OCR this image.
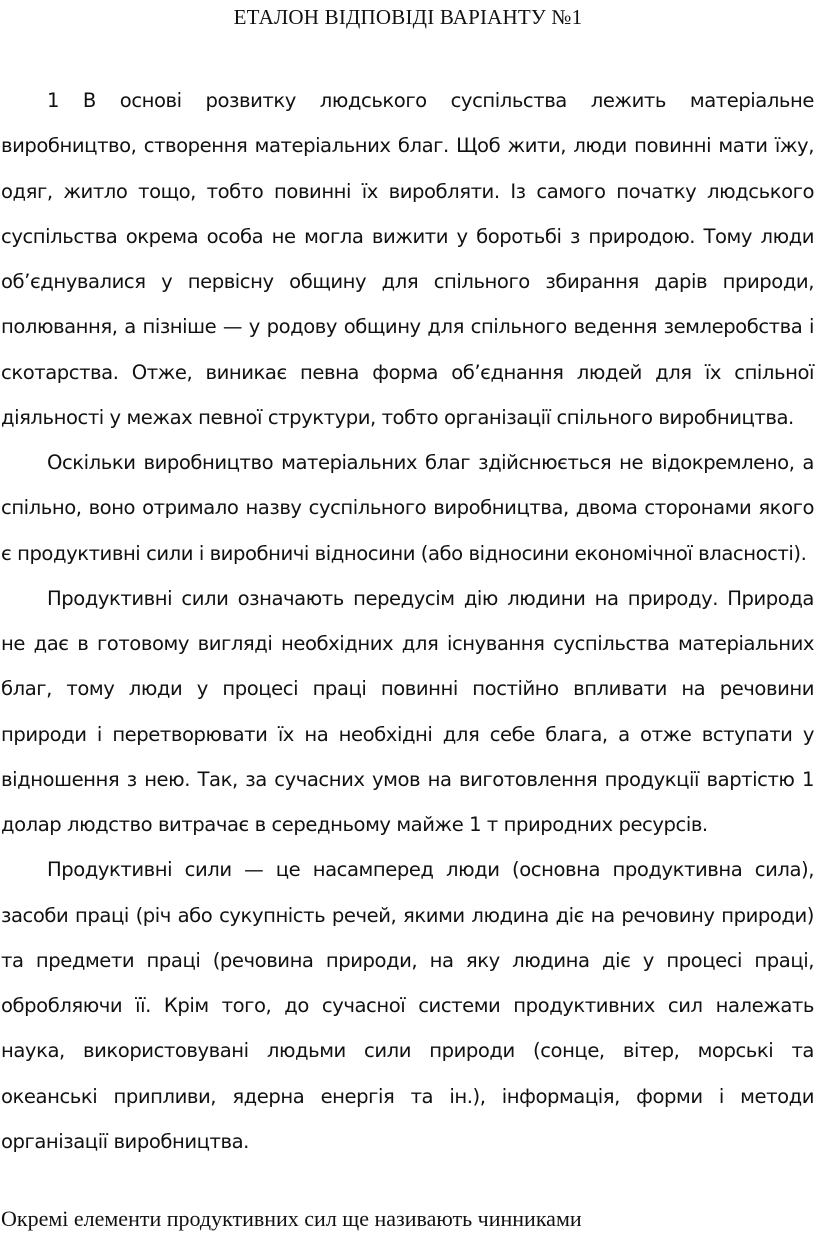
ЕТАЛОН ВІДПОВІДІ ВАРІАНТУ №1

1 В основі розвитку людського суспільства лежить матеріальне виробництво, створення матеріальних благ. Щоб жити, люди повинні мати їжу, одяг, житло тощо, тобто повинні їх виробляти. Із самого початку людського суспільства окрема особа не могла вижити у боротьбі з природою. Тому люди об’єднувалися у первісну общину для спільного збирання дарів природи, полювання, а пізніше — у родову общину для спільного ведення землеробства і скотарства. Отже, виникає певна форма об’єднання людей для їх спільної діяльності у межах певної структури, тобто організації спільного виробництва.

Оскільки виробництво матеріальних благ здійснюється не відокремлено, а спільно, воно отримало назву суспільного виробництва, двома сторонами якого є продуктивні сили і виробничі відносини (або відносини економічної власності).

Продуктивні сили означають передусім дію людини на природу. Природа не дає в готовому вигляді необхідних для існування суспільства матеріальних благ, тому люди у процесі праці повинні постійно впливати на речовини природи і перетворювати їх на необхідні для себе блага, а отже вступати у відношення з нею. Так, за сучасних умов на виготовлення продукції вартістю 1 долар людство витрачає в середньому майже 1 т природних ресурсів.

Продуктивні сили — це насамперед люди (основна продуктивна сила), засоби праці (річ або сукупність речей, якими людина діє на речовину природи) та предмети праці (речовина природи, на яку людина діє у процесі праці, обробляючи її. Крім того, до сучасної системи продуктивних сил належать наука, використовувані людьми сили природи (сонце, вітер, морські та океанські припливи, ядерна енергія та ін.), інформація, форми і методи організації виробництва.

Окремі елементи продуктивних сил ще називають чинниками
